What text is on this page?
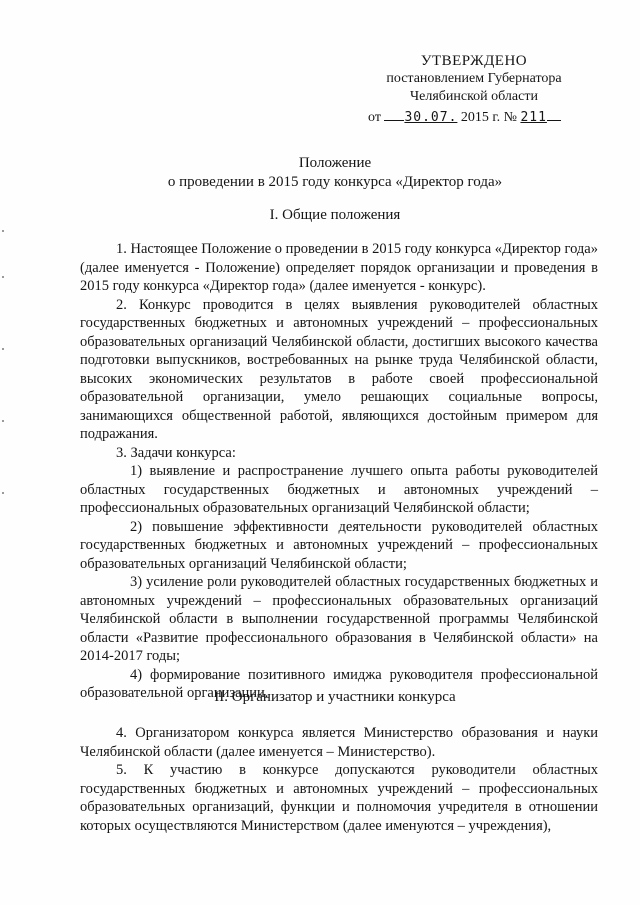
УТВЕРЖДЕНО
постановлением Губернатора
Челябинской области
от 30.07. 2015 г. № 211
Положение
о проведении в 2015 году конкурса «Директор года»
I. Общие положения

1. Настоящее Положение о проведении в 2015 году конкурса «Директор года» (далее именуется - Положение) определяет порядок организации и проведения в 2015 году конкурса «Директор года» (далее именуется - конкурс).

2. Конкурс проводится в целях выявления руководителей областных государственных бюджетных и автономных учреждений – профессиональных образовательных организаций Челябинской области, достигших высокого качества подготовки выпускников, востребованных на рынке труда Челябинской области, высоких экономических результатов в работе своей профессиональной образовательной организации, умело решающих социальные вопросы, занимающихся общественной работой, являющихся достойным примером для подражания.

3. Задачи конкурса:

1) выявление и распространение лучшего опыта работы руководителей областных государственных бюджетных и автономных учреждений – профессиональных образовательных организаций Челябинской области;

2) повышение эффективности деятельности руководителей областных государственных бюджетных и автономных учреждений – профессиональных образовательных организаций Челябинской области;

3) усиление роли руководителей областных государственных бюджетных и автономных учреждений – профессиональных образовательных организаций Челябинской области в выполнении государственной программы Челябинской области «Развитие профессионального образования в Челябинской области» на 2014-2017 годы;

4) формирование позитивного имиджа руководителя профессиональной образовательной организации.

II. Организатор и участники конкурса

4. Организатором конкурса является Министерство образования и науки Челябинской области (далее именуется – Министерство).

5. К участию в конкурсе допускаются руководители областных государственных бюджетных и автономных учреждений – профессиональных образовательных организаций, функции и полномочия учредителя в отношении которых осуществляются Министерством (далее именуются – учреждения),
